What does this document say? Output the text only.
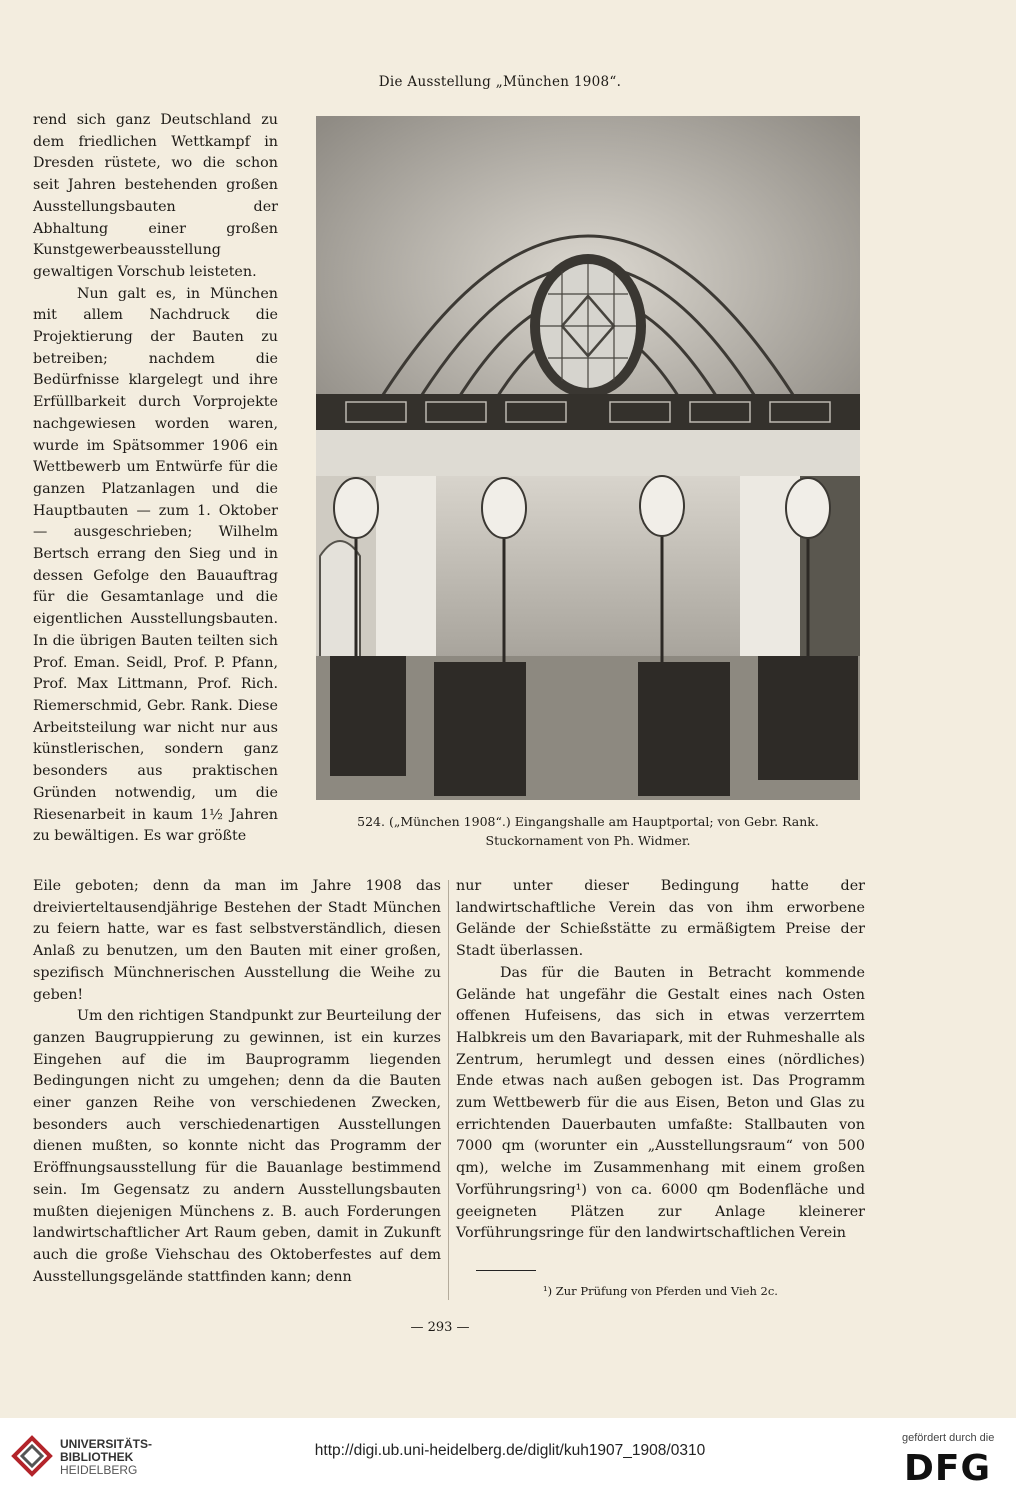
Die Ausstellung „München 1908“.
524. („München 1908“.) Eingangshalle am Hauptportal; von Gebr. Rank.
Stuckornament von Ph. Widmer.

rend sich ganz Deutschland zu dem friedlichen Wettkampf in Dresden rüstete, wo die schon seit Jahren bestehenden großen Ausstellungsbauten der Abhaltung einer großen Kunstgewerbeausstellung gewaltigen Vorschub leisteten.

Nun galt es, in München mit allem Nachdruck die Projektierung der Bauten zu betreiben; nachdem die Bedürfnisse klargelegt und ihre Erfüllbarkeit durch Vorprojekte nachgewiesen worden waren, wurde im Spätsommer 1906 ein Wettbewerb um Entwürfe für die ganzen Platzanlagen und die Hauptbauten — zum 1. Oktober — ausgeschrieben; Wilhelm Bertsch errang den Sieg und in dessen Gefolge den Bauauftrag für die Gesamtanlage und die eigentlichen Ausstellungsbauten. In die übrigen Bauten teilten sich Prof. Eman. Seidl, Prof. P. Pfann, Prof. Max Littmann, Prof. Rich. Riemerschmid, Gebr. Rank. Diese Arbeitsteilung war nicht nur aus künstlerischen, sondern ganz besonders aus praktischen Gründen notwendig, um die Riesenarbeit in kaum 1½ Jahren zu bewältigen. Es war größte

Eile geboten; denn da man im Jahre 1908 das dreivierteltausendjährige Bestehen der Stadt München zu feiern hatte, war es fast selbstverständlich, diesen Anlaß zu benutzen, um den Bauten mit einer großen, spezifisch Münchnerischen Ausstellung die Weihe zu geben!

Um den richtigen Standpunkt zur Beurteilung der ganzen Baugruppierung zu gewinnen, ist ein kurzes Eingehen auf die im Bauprogramm liegenden Bedingungen nicht zu umgehen; denn da die Bauten einer ganzen Reihe von verschiedenen Zwecken, besonders auch verschiedenartigen Ausstellungen dienen mußten, so konnte nicht das Programm der Eröffnungsausstellung für die Bauanlage bestimmend sein. Im Gegensatz zu andern Ausstellungsbauten mußten diejenigen Münchens z. B. auch Forderungen landwirtschaftlicher Art Raum geben, damit in Zukunft auch die große Viehschau des Oktoberfestes auf dem Ausstellungsgelände stattfinden kann; denn

nur unter dieser Bedingung hatte der landwirtschaftliche Verein das von ihm erworbene Gelände der Schießstätte zu ermäßigtem Preise der Stadt überlassen.

Das für die Bauten in Betracht kommende Gelände hat ungefähr die Gestalt eines nach Osten offenen Hufeisens, das sich in etwas verzerrtem Halbkreis um den Bavariapark, mit der Ruhmeshalle als Zentrum, herumlegt und dessen eines (nördliches) Ende etwas nach außen gebogen ist. Das Programm zum Wettbewerb für die aus Eisen, Beton und Glas zu errichtenden Dauerbauten umfaßte: Stallbauten von 7000 qm (worunter ein „Ausstellungsraum“ von 500 qm), welche im Zusammenhang mit einem großen Vorführungsring¹) von ca. 6000 qm Bodenfläche und geeigneten Plätzen zur Anlage kleinerer Vorführungsringe für den landwirtschaftlichen Verein

¹) Zur Prüfung von Pferden und Vieh 2c.
— 293 —
UNIVERSITÄTS-
BIBLIOTHEK
HEIDELBERG
http://digi.ub.uni-heidelberg.de/diglit/kuh1907_1908/0310
gefördert durch die
DFG
